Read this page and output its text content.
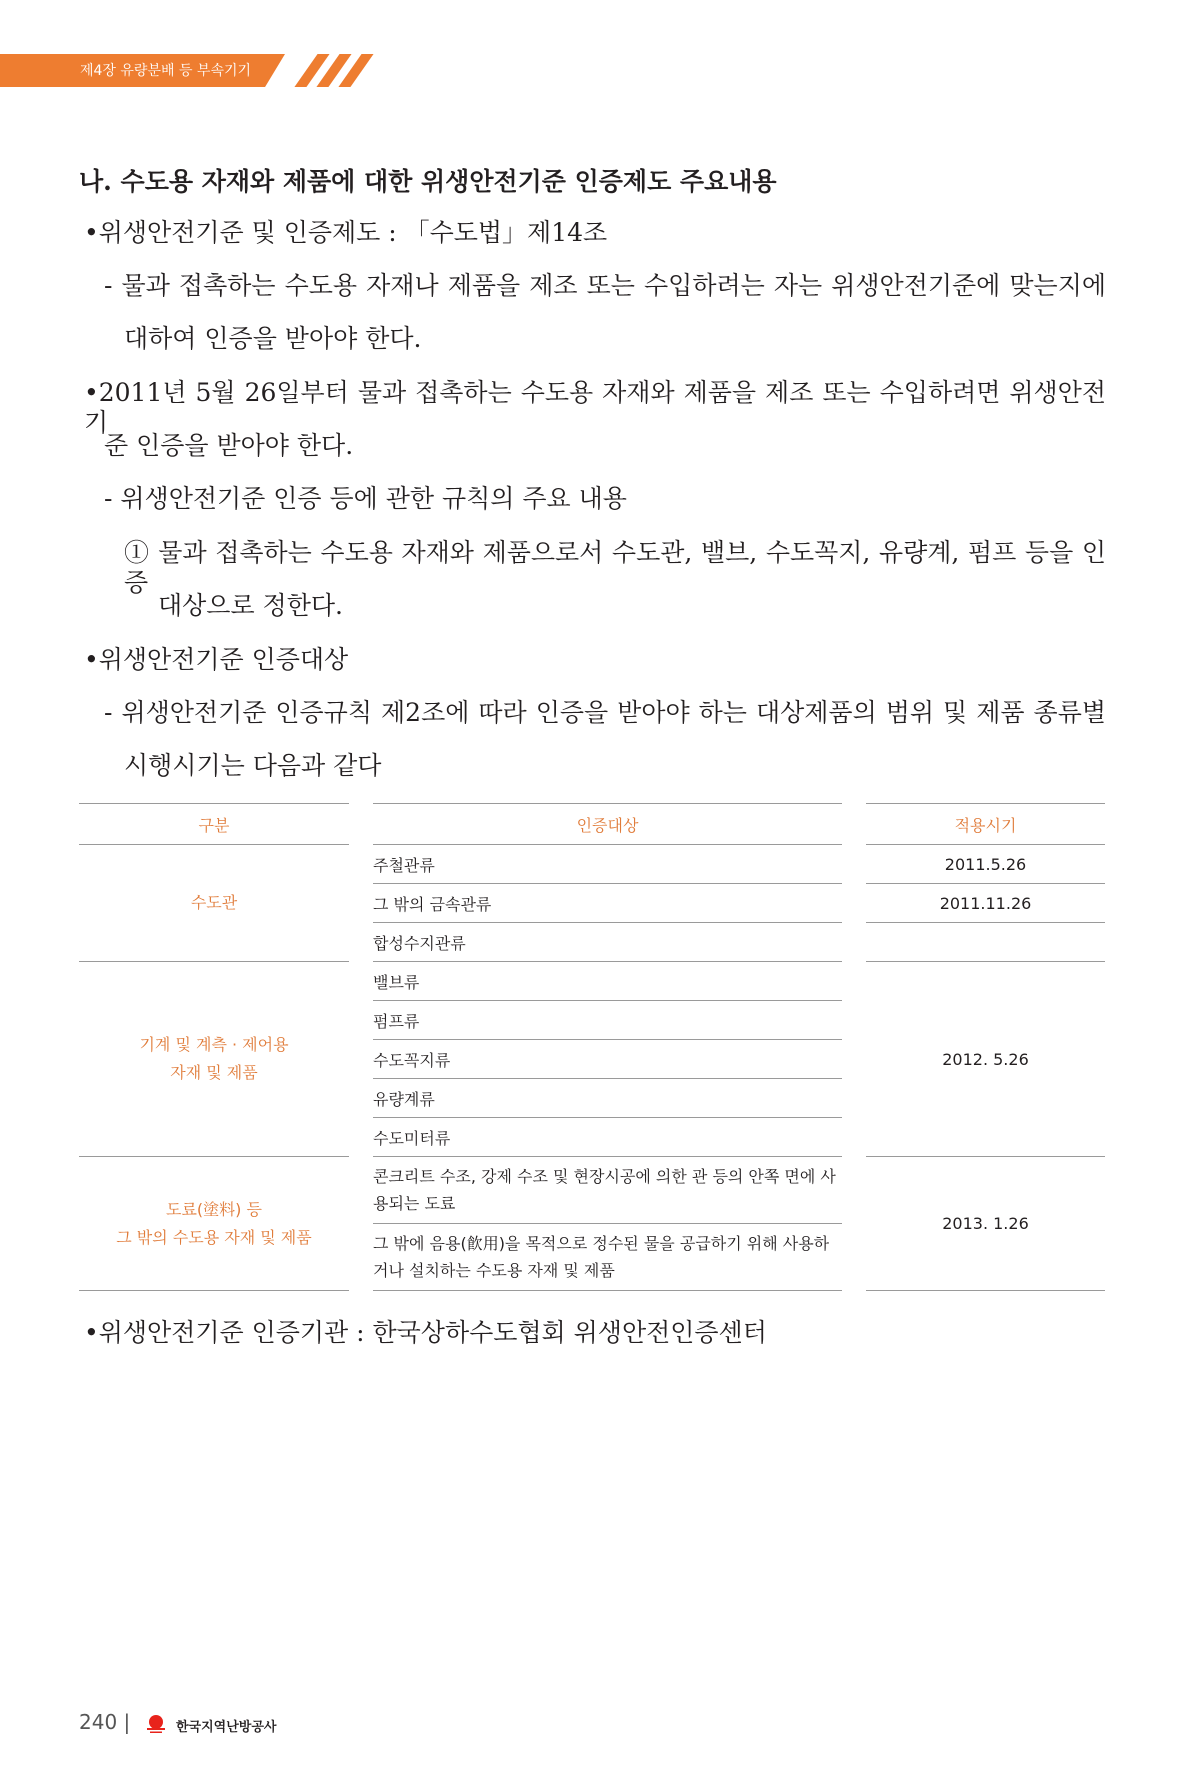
제4장 유량분배 등 부속기기
나. 수도용 자재와 제품에 대한 위생안전기준 인증제도 주요내용
•위생안전기준 및 인증제도 : 「수도법」제14조
- 물과 접촉하는 수도용 자재나 제품을 제조 또는 수입하려는 자는 위생안전기준에 맞는지에
대하여 인증을 받아야 한다.
•2011년 5월 26일부터 물과 접촉하는 수도용 자재와 제품을 제조 또는 수입하려면 위생안전기
준 인증을 받아야 한다.
- 위생안전기준 인증 등에 관한 규칙의 주요 내용
① 물과 접촉하는 수도용 자재와 제품으로서 수도관, 밸브, 수도꼭지, 유량계, 펌프 등을 인증
대상으로 정한다.
•위생안전기준 인증대상
- 위생안전기준 인증규칙 제2조에 따라 인증을 받아야 하는 대상제품의 범위 및 제품 종류별
시행시기는 다음과 같다
구분		인증대상		적용시기
수도관		주철관류		2011.5.26
		그 밖의 금속관류		2011.11.26
		합성수지관류		
기계 및 계측 · 제어용
자재 및 제품		밸브류		2012. 5.26
		펌프류		
		수도꼭지류		
		유량계류		
		수도미터류		
도료(塗料) 등
그 밖의 수도용 자재 및 제품		콘크리트 수조, 강제 수조 및 현장시공에 의한 관 등의 안쪽 면에 사용되는 도료		2013. 1.26
		그 밖에 음용(飮用)을 목적으로 정수된 물을 공급하기 위해 사용하거나 설치하는 수도용 자재 및 제품		
•위생안전기준 인증기관 : 한국상하수도협회 위생안전인증센터
240 |	한국지역난방공사
